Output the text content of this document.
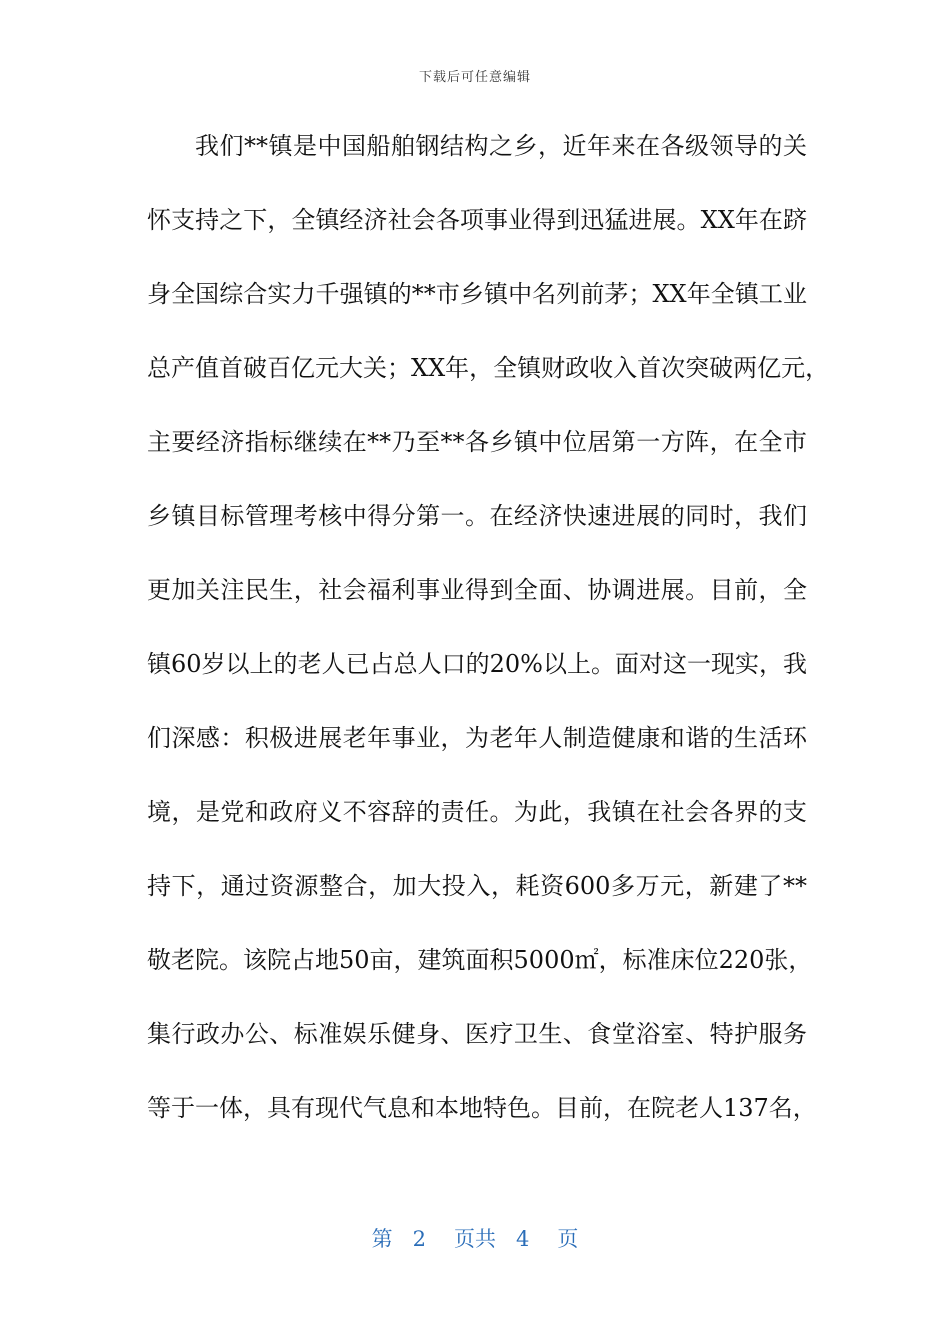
下载后可任意编辑
我们**镇是中国船舶钢结构之乡，近年来在各级领导的关
怀支持之下，全镇经济社会各项事业得到迅猛进展。XX年在跻
身全国综合实力千强镇的**市乡镇中名列前茅；XX年全镇工业
总产值首破百亿元大关；XX年，全镇财政收入首次突破两亿元，
主要经济指标继续在**乃至**各乡镇中位居第一方阵，在全市
乡镇目标管理考核中得分第一。在经济快速进展的同时，我们
更加关注民生，社会福利事业得到全面、协调进展。目前，全
镇60岁以上的老人已占总人口的20%以上。面对这一现实，我
们深感：积极进展老年事业，为老年人制造健康和谐的生活环
境，是党和政府义不容辞的责任。为此，我镇在社会各界的支
持下，通过资源整合，加大投入，耗资600多万元，新建了**
敬老院。该院占地50亩，建筑面积5000㎡，标准床位220张，
集行政办公、标准娱乐健身、医疗卫生、食堂浴室、特护服务
等于一体，具有现代气息和本地特色。目前，在院老人137名，
第 2 页共 4 页
